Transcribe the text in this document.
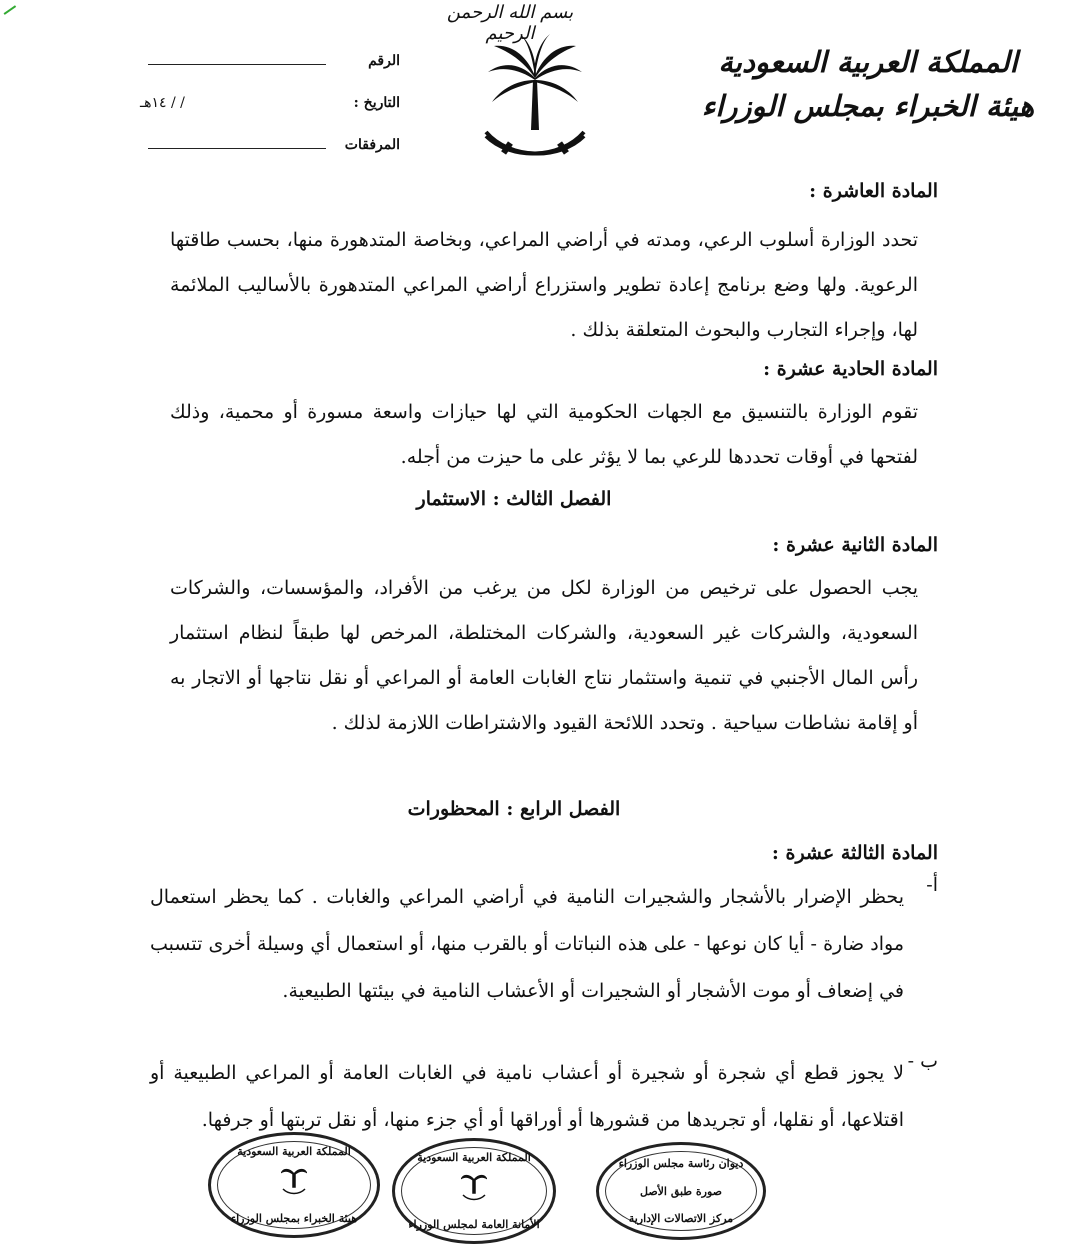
بسم الله الرحمن الرحيم
المملكة العربية السعودية
هيئة الخبراء بمجلس الوزراء
الرقم
التاريخ :
/ / ١٤هـ
المرفقات
المادة العاشرة :
تحدد الوزارة أسلوب الرعي، ومدته في أراضي المراعي، وبخاصة المتدهورة منها، بحسب طاقتها الرعوية. ولها وضع برنامج إعادة تطوير واستزراع أراضي المراعي المتدهورة بالأساليب الملائمة لها، وإجراء التجارب والبحوث المتعلقة بذلك .
المادة الحادية عشرة :
تقوم الوزارة بالتنسيق مع الجهات الحكومية التي لها حيازات واسعة مسورة أو محمية، وذلك لفتحها في أوقات تحددها للرعي بما لا يؤثر على ما حيزت من أجله.
الفصل الثالث : الاستثمار
المادة الثانية عشرة :
يجب الحصول على ترخيص من الوزارة لكل من يرغب من الأفراد، والمؤسسات، والشركات السعودية، والشركات غير السعودية، والشركات المختلطة، المرخص لها طبقاً لنظام استثمار رأس المال الأجنبي في تنمية واستثمار نتاج الغابات العامة أو المراعي أو نقل نتاجها أو الاتجار به أو إقامة نشاطات سياحية . وتحدد اللائحة القيود والاشتراطات اللازمة لذلك .
الفصل الرابع : المحظورات
المادة الثالثة عشرة :
أ-
يحظر الإضرار بالأشجار والشجيرات النامية في أراضي المراعي والغابات . كما يحظر استعمال مواد ضارة - أيا كان نوعها - على هذه النباتات أو بالقرب منها، أو استعمال أي وسيلة أخرى تتسبب في إضعاف أو موت الأشجار أو الشجيرات أو الأعشاب النامية في بيئتها الطبيعية.
ب -
لا يجوز قطع أي شجرة أو شجيرة أو أعشاب نامية في الغابات العامة أو المراعي الطبيعية أو اقتلاعها، أو نقلها، أو تجريدها من قشورها أو أوراقها أو أي جزء منها، أو نقل تربتها أو جرفها.
المملكة العربية السعودية
هيئة الخبراء بمجلس الوزراء
المملكة العربية السعودية
الأمانة العامة لمجلس الوزراء
ديوان رئاسة مجلس الوزراء
صورة طبق الأصل
مركز الاتصالات الإدارية
